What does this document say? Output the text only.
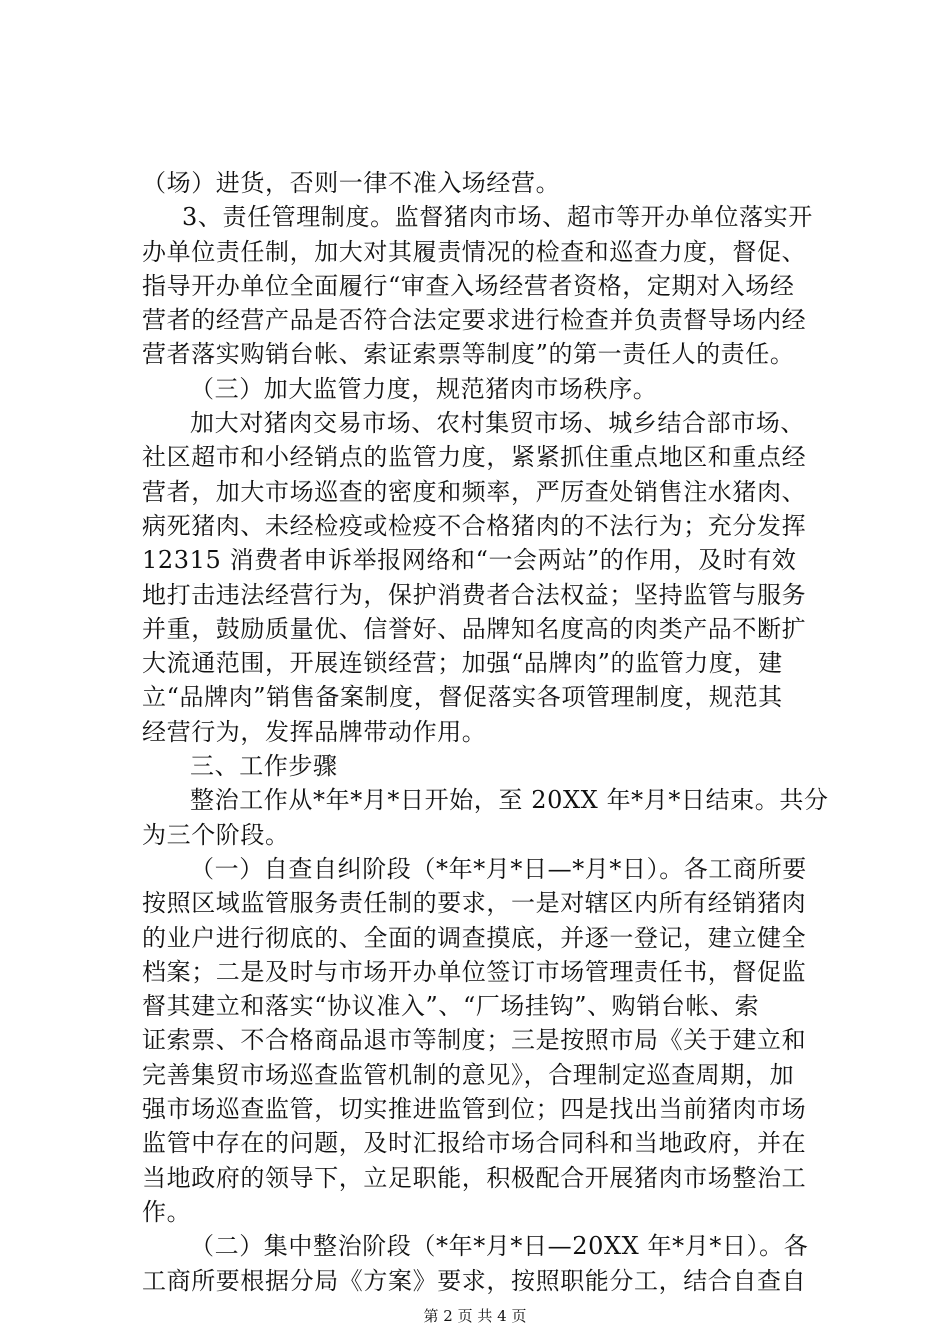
（场）进货，否则一律不准入场经营。
3、责任管理制度。监督猪肉市场、超市等开办单位落实开
办单位责任制，加大对其履责情况的检查和巡查力度，督促、
指导开办单位全面履行“审查入场经营者资格，定期对入场经
营者的经营产品是否符合法定要求进行检查并负责督导场内经
营者落实购销台帐、索证索票等制度”的第一责任人的责任。
（三）加大监管力度，规范猪肉市场秩序。
加大对猪肉交易市场、农村集贸市场、城乡结合部市场、
社区超市和小经销点的监管力度，紧紧抓住重点地区和重点经
营者，加大市场巡查的密度和频率，严厉查处销售注水猪肉、
病死猪肉、未经检疫或检疫不合格猪肉的不法行为；充分发挥
12315 消费者申诉举报网络和“一会两站”的作用，及时有效
地打击违法经营行为，保护消费者合法权益；坚持监管与服务
并重，鼓励质量优、信誉好、品牌知名度高的肉类产品不断扩
大流通范围，开展连锁经营；加强“品牌肉”的监管力度，建
立“品牌肉”销售备案制度，督促落实各项管理制度，规范其
经营行为，发挥品牌带动作用。
三、工作步骤
整治工作从*年*月*日开始，至 20XX 年*月*日结束。共分
为三个阶段。
（一）自查自纠阶段（*年*月*日—*月*日）。各工商所要
按照区域监管服务责任制的要求，一是对辖区内所有经销猪肉
的业户进行彻底的、全面的调查摸底，并逐一登记，建立健全
档案；二是及时与市场开办单位签订市场管理责任书，督促监
督其建立和落实“协议准入”、“厂场挂钩”、购销台帐、索
证索票、不合格商品退市等制度；三是按照市局《关于建立和
完善集贸市场巡查监管机制的意见》，合理制定巡查周期，加
强市场巡查监管，切实推进监管到位；四是找出当前猪肉市场
监管中存在的问题，及时汇报给市场合同科和当地政府，并在
当地政府的领导下，立足职能，积极配合开展猪肉市场整治工
作。
（二）集中整治阶段（*年*月*日—20XX 年*月*日）。各
工商所要根据分局《方案》要求，按照职能分工，结合自查自
第 2 页 共 4 页
